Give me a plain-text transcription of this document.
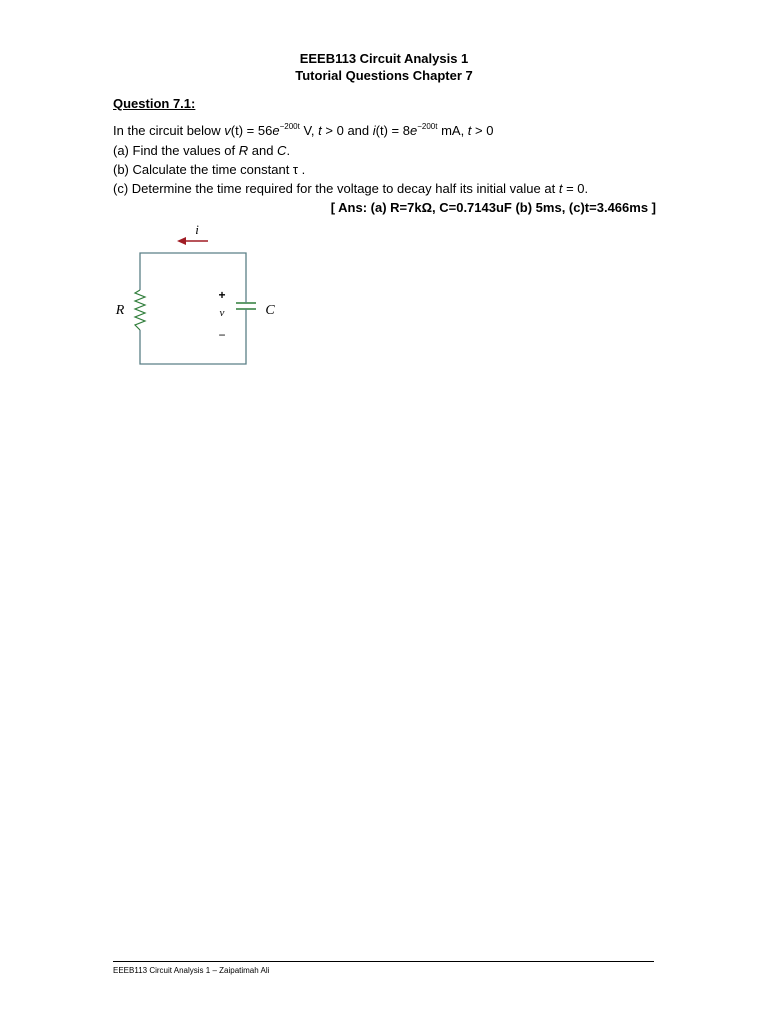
EEEB113 Circuit Analysis 1
Tutorial Questions Chapter 7
Question 7.1:
In the circuit below $v(t) = 56e^{-200t}$ V, t > 0 and $i(t) = 8e^{-200t}$ mA, t > 0
(a) Find the values of R and C.
(b) Calculate the time constant τ .
(c) Determine the time required for the voltage to decay half its initial value at t = 0.
[ Ans: (a) R=7kΩ, C=0.7143uF (b) 5ms, (c)t=3.466ms ]
i
R	C
+
v
−
EEEB113 Circuit Analysis 1 – Zaipatimah Ali
